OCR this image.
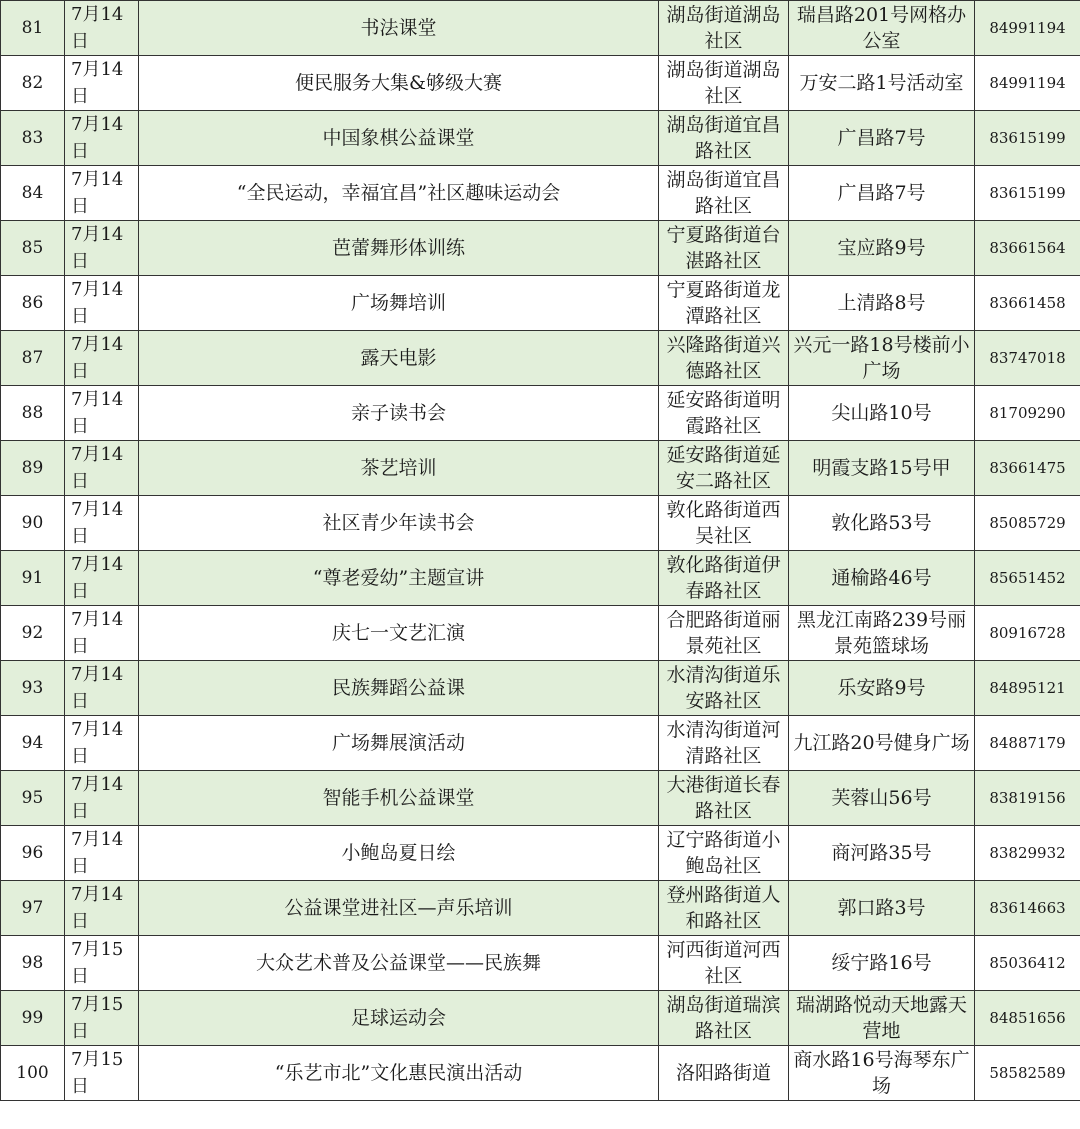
81	7月14日	书法课堂	湖岛街道湖岛社区	瑞昌路201号网格办公室	84991194
82	7月14日	便民服务大集&够级大赛	湖岛街道湖岛社区	万安二路1号活动室	84991194
83	7月14日	中国象棋公益课堂	湖岛街道宜昌路社区	广昌路7号	83615199
84	7月14日	“全民运动，幸福宜昌”社区趣味运动会	湖岛街道宜昌路社区	广昌路7号	83615199
85	7月14日	芭蕾舞形体训练	宁夏路街道台湛路社区	宝应路9号	83661564
86	7月14日	广场舞培训	宁夏路街道龙潭路社区	上清路8号	83661458
87	7月14日	露天电影	兴隆路街道兴德路社区	兴元一路18号楼前小广场	83747018
88	7月14日	亲子读书会	延安路街道明霞路社区	尖山路10号	81709290
89	7月14日	茶艺培训	延安路街道延安二路社区	明霞支路15号甲	83661475
90	7月14日	社区青少年读书会	敦化路街道西吴社区	敦化路53号	85085729
91	7月14日	“尊老爱幼”主题宣讲	敦化路街道伊春路社区	通榆路46号	85651452
92	7月14日	庆七一文艺汇演	合肥路街道丽景苑社区	黑龙江南路239号丽景苑篮球场	80916728
93	7月14日	民族舞蹈公益课	水清沟街道乐安路社区	乐安路9号	84895121
94	7月14日	广场舞展演活动	水清沟街道河清路社区	九江路20号健身广场	84887179
95	7月14日	智能手机公益课堂	大港街道长春路社区	芙蓉山56号	83819156
96	7月14日	小鲍岛夏日绘	辽宁路街道小鲍岛社区	商河路35号	83829932
97	7月14日	公益课堂进社区—声乐培训	登州路街道人和路社区	郭口路3号	83614663
98	7月15日	大众艺术普及公益课堂——民族舞	河西街道河西社区	绥宁路16号	85036412
99	7月15日	足球运动会	湖岛街道瑞滨路社区	瑞湖路悦动天地露天营地	84851656
100	7月15日	“乐艺市北”文化惠民演出活动	洛阳路街道	商水路16号海琴东广场	58582589
